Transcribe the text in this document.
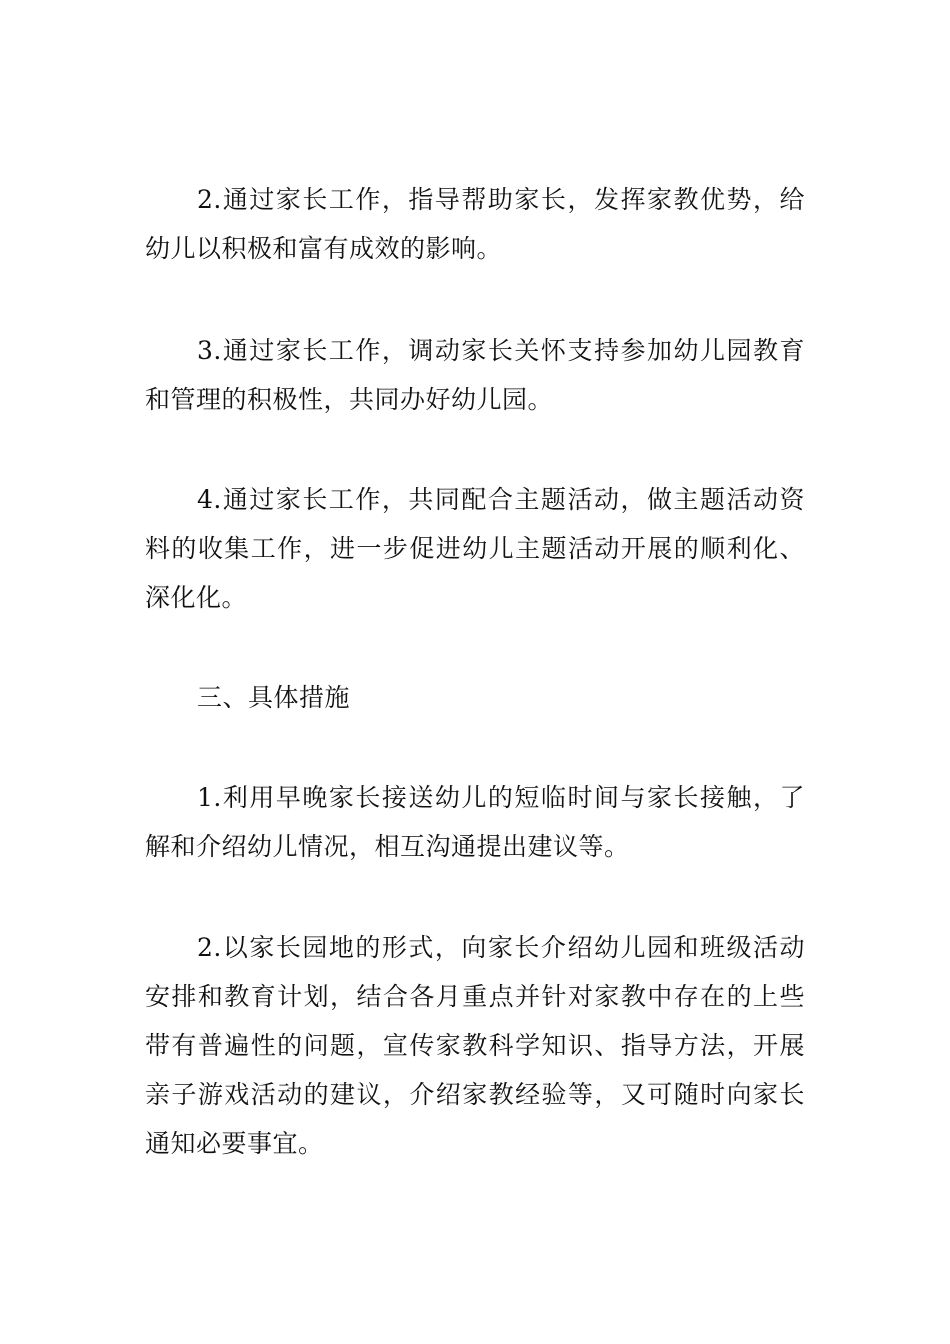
2.通过家长工作，指导帮助家长，发挥家教优势，给幼儿以积极和富有成效的影响。

3.通过家长工作，调动家长关怀支持参加幼儿园教育和管理的积极性，共同办好幼儿园。

4.通过家长工作，共同配合主题活动，做主题活动资料的收集工作，进一步促进幼儿主题活动开展的顺利化、深化化。

三、具体措施

1.利用早晚家长接送幼儿的短临时间与家长接触，了解和介绍幼儿情况，相互沟通提出建议等。

2.以家长园地的形式，向家长介绍幼儿园和班级活动安排和教育计划，结合各月重点并针对家教中存在的上些带有普遍性的问题，宣传家教科学知识、指导方法，开展亲子游戏活动的建议，介绍家教经验等，又可随时向家长通知必要事宜。
